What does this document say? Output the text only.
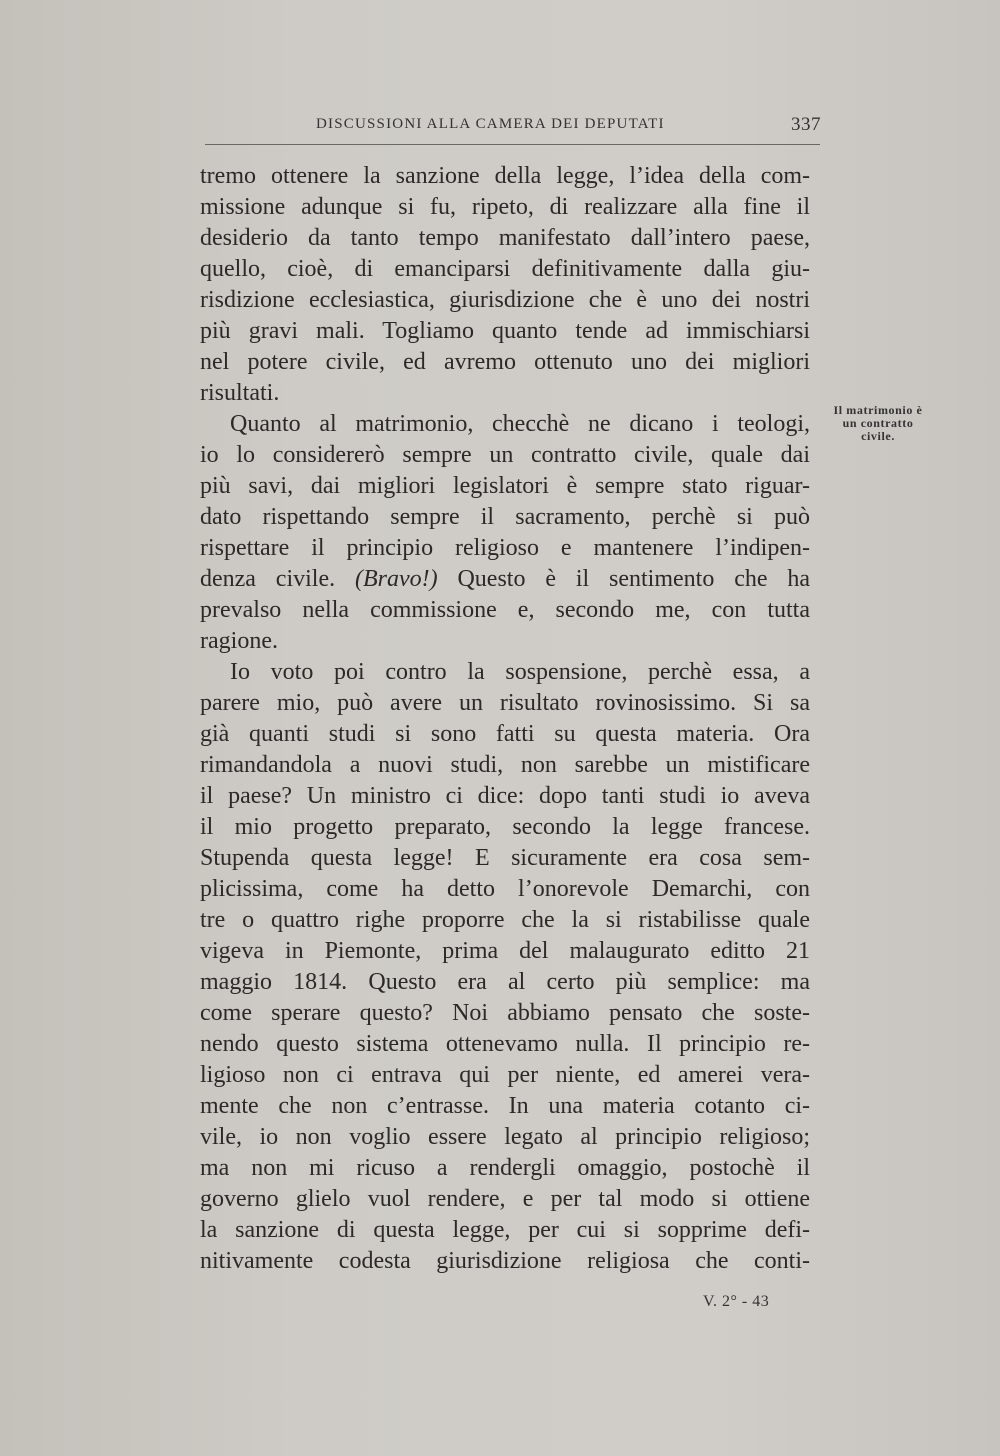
DISCUSSIONI ALLA CAMERA DEI DEPUTATI	337
tremo ottenere la sanzione della legge, l’idea della com-
missione adunque si fu, ripeto, di realizzare alla fine il
desiderio da tanto tempo manifestato dall’intero paese,
quello, cioè, di emanciparsi definitivamente dalla giu-
risdizione ecclesiastica, giurisdizione che è uno dei nostri
più gravi mali. Togliamo quanto tende ad immischiarsi
nel potere civile, ed avremo ottenuto uno dei migliori
risultati.
Quanto al matrimonio, checchè ne dicano i teologi,
io lo considererò sempre un contratto civile, quale dai
più savi, dai migliori legislatori è sempre stato riguar-
dato rispettando sempre il sacramento, perchè si può
rispettare il principio religioso e mantenere l’indipen-
denza civile. (Bravo!) Questo è il sentimento che ha
prevalso nella commissione e, secondo me, con tutta
ragione.
Io voto poi contro la sospensione, perchè essa, a
parere mio, può avere un risultato rovinosissimo. Si sa
già quanti studi si sono fatti su questa materia. Ora
rimandandola a nuovi studi, non sarebbe un mistificare
il paese? Un ministro ci dice: dopo tanti studi io aveva
il mio progetto preparato, secondo la legge francese.
Stupenda questa legge! E sicuramente era cosa sem-
plicissima, come ha detto l’onorevole Demarchi, con
tre o quattro righe proporre che la si ristabilisse quale
vigeva in Piemonte, prima del malaugurato editto 21
maggio 1814. Questo era al certo più semplice: ma
come sperare questo? Noi abbiamo pensato che soste-
nendo questo sistema ottenevamo nulla. Il principio re-
ligioso non ci entrava qui per niente, ed amerei vera-
mente che non c’entrasse. In una materia cotanto ci-
vile, io non voglio essere legato al principio religioso;
ma non mi ricuso a rendergli omaggio, postochè il
governo glielo vuol rendere, e per tal modo si ottiene
la sanzione di questa legge, per cui si sopprime defi-
nitivamente codesta giurisdizione religiosa che conti-
Il matrimonio è
un contratto
civile.
V. 2° - 43
